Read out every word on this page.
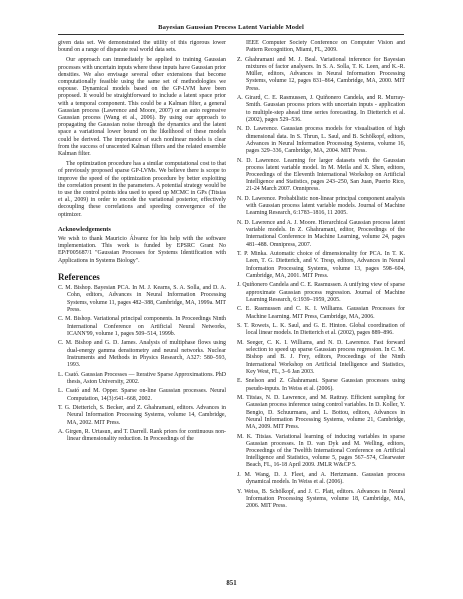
Bayesian Gaussian Process Latent Variable Model

given data set. We demonstrated the utility of this rigorous lower bound on a range of disparate real world data sets.

Our approach can immediately be applied to training Gaussian processes with uncertain inputs where these inputs have Gaussian prior densities. We also envisage several other extensions that become computationally feasible using the same set of methodologies we espouse. Dynamical models based on the GP-LVM have been proposed. It would be straightforward to include a latent space prior with a temporal component. This could be a Kalman filter, a general Gaussian process (Lawrence and Moore, 2007) or an auto regressive Gaussian process (Wang et al., 2006). By using our approach to propagating the Gaussian noise through the dynamics and the latent space a variational lower bound on the likelihood of these models could be derived. The importance of such nonlinear models is clear from the success of unscented Kalman filters and the related ensemble Kalman filter.

The optimization procedure has a similar computational cost to that of previously proposed sparse GP-LVMs. We believe there is scope to improve the speed of the optimization procedure by better exploiting the correlation present in the parameters. A potential strategy would be to use the control points idea used to speed up MCMC in GPs (Titsias et al., 2009) in order to encode the variational posterior, effectively decoupling these correlations and speeding convergence of the optimizer.

Acknowledgements

We wish to thank Mauricio Álvarez for his help with the software implementation. This work is funded by EPSRC Grant No EP/F005687/1 "Gaussian Processes for Systems Identification with Applications in Systems Biology".

References

C. M. Bishop. Bayesian PCA. In M. J. Kearns, S. A. Solla, and D. A. Cohn, editors, Advances in Neural Information Processing Systems, volume 11, pages 482–388, Cambridge, MA, 1999a. MIT Press.

C. M. Bishop. Variational principal components. In Proceedings Ninth International Conference on Artificial Neural Networks, ICANN'99, volume 1, pages 509–514, 1999b.

C. M. Bishop and G. D. James. Analysis of multiphase flows using dual-energy gamma densitometry and neural networks. Nuclear Instruments and Methods in Physics Research, A327: 580–593, 1993.

L. Csató. Gaussian Processes — Iterative Sparse Approximations. PhD thesis, Aston University, 2002.

L. Csató and M. Opper. Sparse on-line Gaussian processes. Neural Computation, 14(3):641–668, 2002.

T. G. Dietterich, S. Becker, and Z. Ghahramani, editors. Advances in Neural Information Processing Systems, volume 14, Cambridge, MA, 2002. MIT Press.

A. Girgen, R. Urtasun, and T. Darrell. Rank priors for continuous non-linear dimensionality reduction. In Proceedings of the

IEEE Computer Society Conference on Computer Vision and Pattern Recognition, Miami, FL, 2009.

Z. Ghahramani and M. J. Beal. Variational inference for Bayesian mixtures of factor analysers. In S. A. Solla, T. K. Leen, and K.-R. Müller, editors, Advances in Neural Information Processing Systems, volume 12, pages 831–864, Cambridge, MA, 2000. MIT Press.

A. Girard, C. E. Rasmussen, J. Quiñonero Candela, and R. Murray-Smith. Gaussian process priors with uncertain inputs - application to multiple-step ahead time series forecasting. In Dietterich et al. (2002), pages 529–536.

N. D. Lawrence. Gaussian process models for visualisation of high dimensional data. In S. Thrun, L. Saul, and B. Schölkopf, editors, Advances in Neural Information Processing Systems, volume 16, pages 329–336, Cambridge, MA, 2004. MIT Press.

N. D. Lawrence. Learning for larger datasets with the Gaussian process latent variable model. In M. Meila and X. Shen, editors, Proceedings of the Eleventh International Workshop on Artificial Intelligence and Statistics, pages 243–250, San Juan, Puerto Rico, 21-24 March 2007. Omnipress.

N. D. Lawrence. Probabilistic non-linear principal component analysis with Gaussian process latent variable models. Journal of Machine Learning Research, 6:1783–1816, 11 2005.

N. D. Lawrence and A. J. Moore. Hierarchical Gaussian process latent variable models. In Z. Ghahramani, editor, Proceedings of the International Conference in Machine Learning, volume 24, pages 481–488. Omnipress, 2007.

T. P. Minka. Automatic choice of dimensionality for PCA. In T. K. Leen, T. G. Dietterich, and V. Tresp, editors, Advances in Neural Information Processing Systems, volume 13, pages 598–604, Cambridge, MA, 2001. MIT Press.

J. Quiñonero Candela and C. E. Rasmussen. A unifying view of sparse approximate Gaussian process regression. Journal of Machine Learning Research, 6:1939–1959, 2005.

C. E. Rasmussen and C. K. I. Williams. Gaussian Processes for Machine Learning. MIT Press, Cambridge, MA, 2006.

S. T. Roweis, L. K. Saul, and G. E. Hinton. Global coordination of local linear models. In Dietterich et al. (2002), pages 889–896.

M. Seeger, C. K. I. Williams, and N. D. Lawrence. Fast forward selection to speed up sparse Gaussian process regression. In C. M. Bishop and B. J. Frey, editors, Proceedings of the Ninth International Workshop on Artificial Intelligence and Statistics, Key West, FL, 3–6 Jan 2003.

E. Snelson and Z. Ghahramani. Sparse Gaussian processes using pseudo-inputs. In Weiss et al. (2006).

M. Titsias, N. D. Lawrence, and M. Rattray. Efficient sampling for Gaussian process inference using control variables. In D. Koller, Y. Bengio, D. Schuurmans, and L. Bottou, editors, Advances in Neural Information Processing Systems, volume 21, Cambridge, MA, 2009. MIT Press.

M. K. Titsias. Variational learning of inducing variables in sparse Gaussian processes. In D. van Dyk and M. Welling, editors, Proceedings of the Twelfth International Conference on Artificial Intelligence and Statistics, volume 5, pages 567–574, Clearwater Beach, FL, 16-18 April 2009. JMLR W&CP 5.

J. M. Wang, D. J. Fleet, and A. Hertzmann. Gaussian process dynamical models. In Weiss et al. (2006).

Y. Weiss, B. Schölkopf, and J. C. Platt, editors. Advances in Neural Information Processing Systems, volume 18, Cambridge, MA, 2006. MIT Press.

851
